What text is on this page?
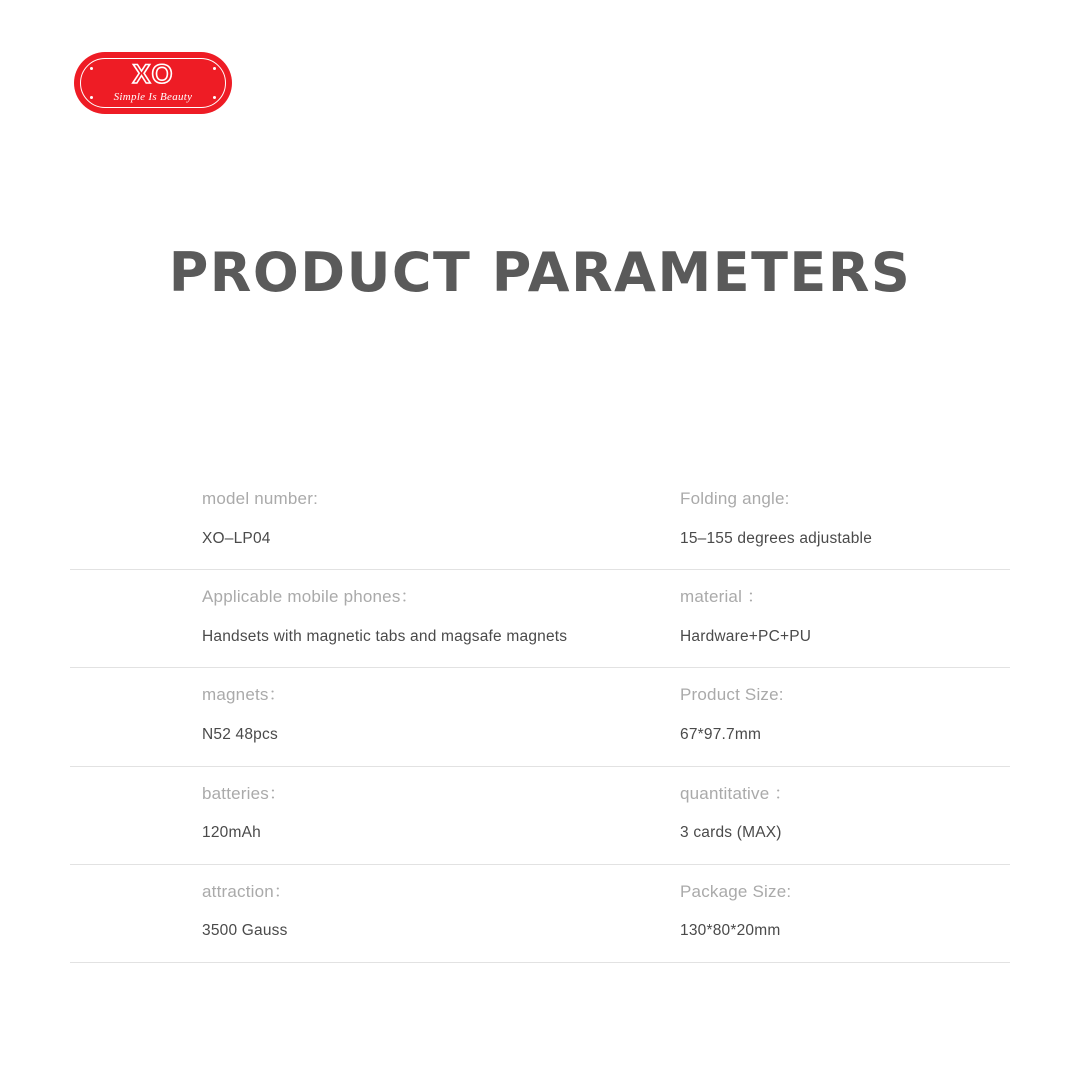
XO
Simple Is Beauty
PRODUCT PARAMETERS
model number:
XO–LP04
Folding angle:
15–155 degrees adjustable
Applicable mobile phones：
Handsets with magnetic tabs and magsafe magnets
material ：
Hardware+PC+PU
magnets：
N52 48pcs
Product Size:
67*97.7mm
batteries：
120mAh
quantitative ：
3 cards (MAX)
attraction：
3500 Gauss
Package Size:
130*80*20mm
